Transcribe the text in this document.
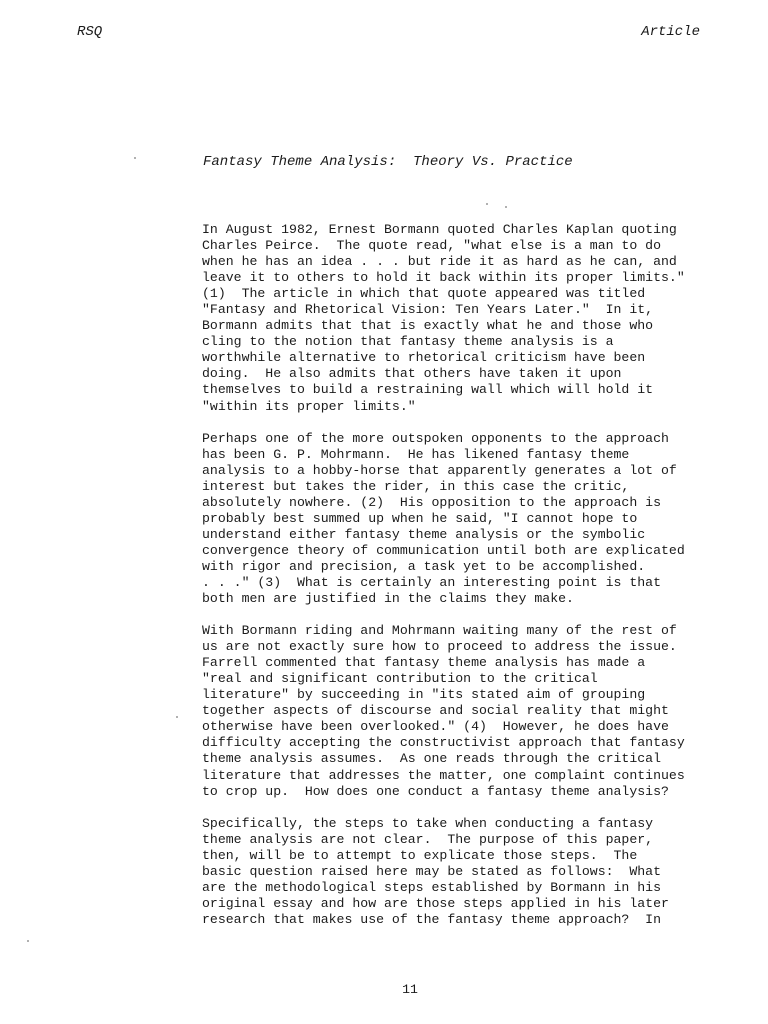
RSQ	Article
Fantasy Theme Analysis:  Theory Vs. Practice
In August 1982, Ernest Bormann quoted Charles Kaplan quoting
Charles Peirce.  The quote read, "what else is a man to do
when he has an idea . . . but ride it as hard as he can, and
leave it to others to hold it back within its proper limits."
(1)  The article in which that quote appeared was titled
"Fantasy and Rhetorical Vision: Ten Years Later."  In it,
Bormann admits that that is exactly what he and those who
cling to the notion that fantasy theme analysis is a
worthwhile alternative to rhetorical criticism have been
doing.  He also admits that others have taken it upon
themselves to build a restraining wall which will hold it
"within its proper limits."
Perhaps one of the more outspoken opponents to the approach
has been G. P. Mohrmann.  He has likened fantasy theme
analysis to a hobby-horse that apparently generates a lot of
interest but takes the rider, in this case the critic,
absolutely nowhere. (2)  His opposition to the approach is
probably best summed up when he said, "I cannot hope to
understand either fantasy theme analysis or the symbolic
convergence theory of communication until both are explicated
with rigor and precision, a task yet to be accomplished.
. . ." (3)  What is certainly an interesting point is that
both men are justified in the claims they make.
With Bormann riding and Mohrmann waiting many of the rest of
us are not exactly sure how to proceed to address the issue.
Farrell commented that fantasy theme analysis has made a
"real and significant contribution to the critical
literature" by succeeding in "its stated aim of grouping
together aspects of discourse and social reality that might
otherwise have been overlooked." (4)  However, he does have
difficulty accepting the constructivist approach that fantasy
theme analysis assumes.  As one reads through the critical
literature that addresses the matter, one complaint continues
to crop up.  How does one conduct a fantasy theme analysis?
Specifically, the steps to take when conducting a fantasy
theme analysis are not clear.  The purpose of this paper,
then, will be to attempt to explicate those steps.  The
basic question raised here may be stated as follows:  What
are the methodological steps established by Bormann in his
original essay and how are those steps applied in his later
research that makes use of the fantasy theme approach?  In
11
